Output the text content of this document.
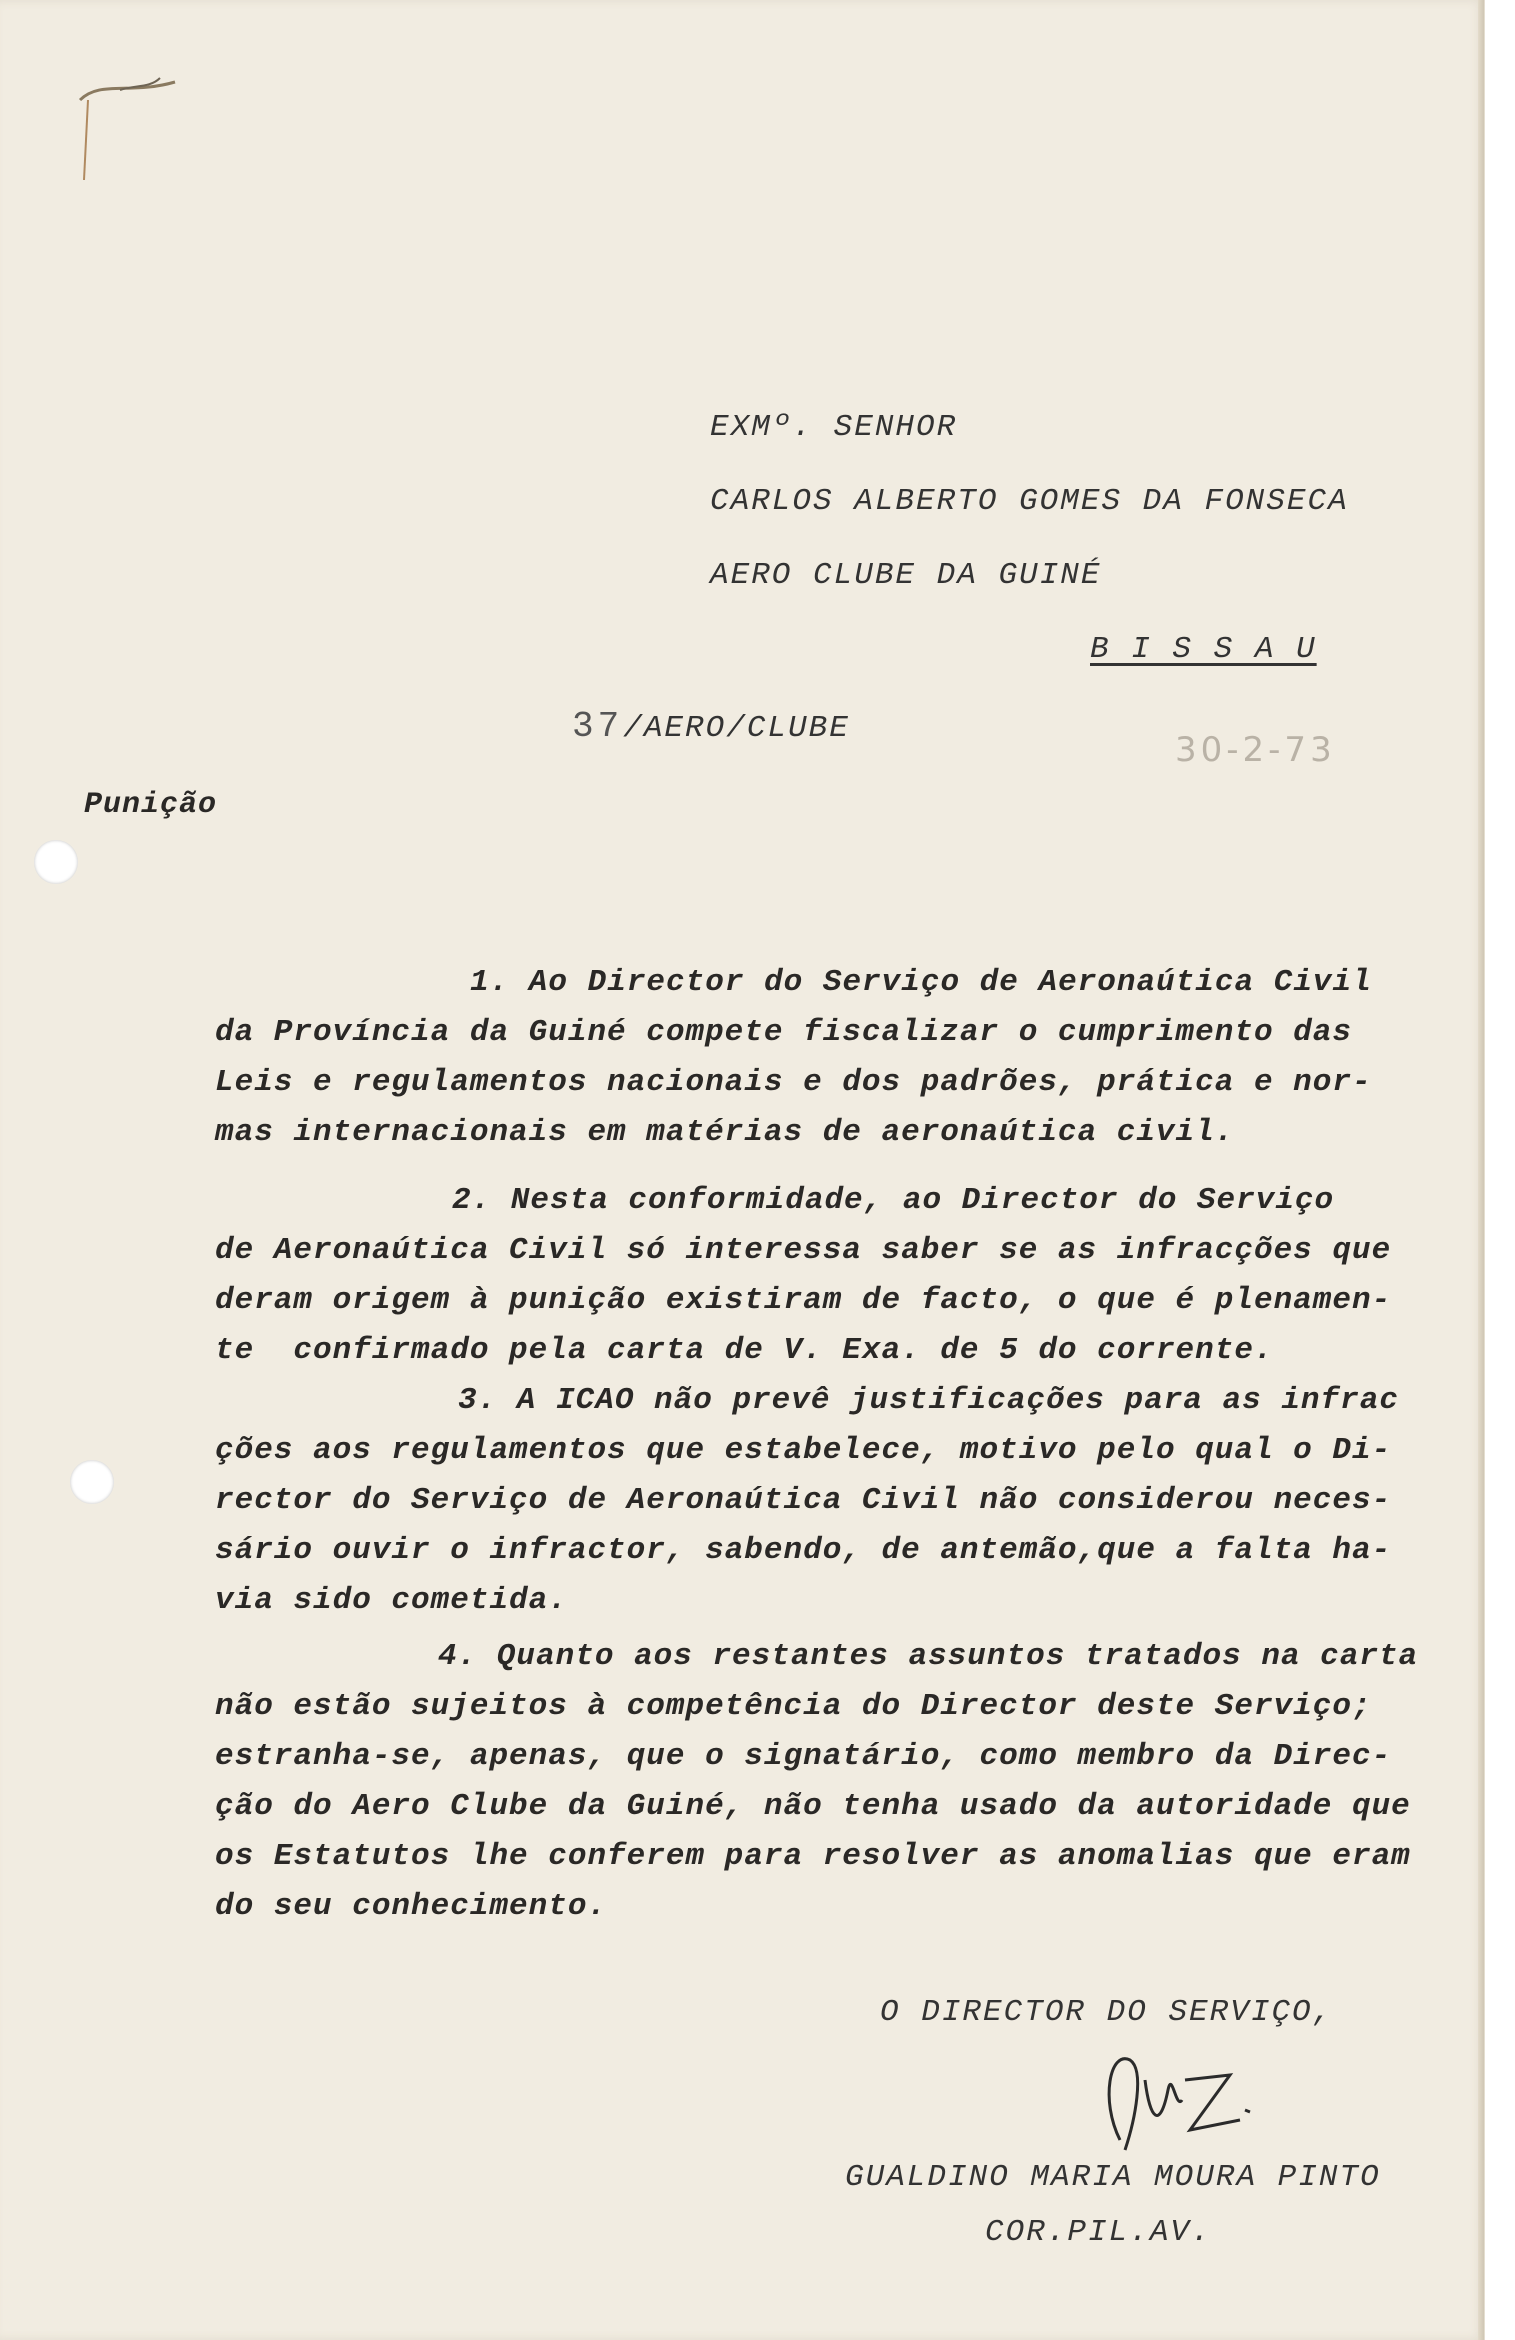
EXMº. SENHOR

CARLOS ALBERTO GOMES DA FONSECA

AERO CLUBE DA GUINÉ

B I S S A U

37/AERO/CLUBE

30-2-73

Punição

1. Ao Director do Serviço de Aeronaútica Civil

da Província da Guiné compete fiscalizar o cumprimento das

Leis e regulamentos nacionais e dos padrões, prática e nor-

mas internacionais em matérias de aeronaútica civil.

2. Nesta conformidade, ao Director do Serviço

de Aeronaútica Civil só interessa saber se as infracções que

deram origem à punição existiram de facto, o que é plenamen-

te  confirmado pela carta de V. Exa. de 5 do corrente.

3. A ICAO não prevê justificações para as infrac

ções aos regulamentos que estabelece, motivo pelo qual o Di-

rector do Serviço de Aeronaútica Civil não considerou neces-

sário ouvir o infractor, sabendo, de antemão,que a falta ha-

via sido cometida.

4. Quanto aos restantes assuntos tratados na carta

não estão sujeitos à competência do Director deste Serviço;

estranha-se, apenas, que o signatário, como membro da Direc-

ção do Aero Clube da Guiné, não tenha usado da autoridade que

os Estatutos lhe conferem para resolver as anomalias que eram

do seu conhecimento.

O DIRECTOR DO SERVIÇO,

GUALDINO MARIA MOURA PINTO

COR.PIL.AV.
